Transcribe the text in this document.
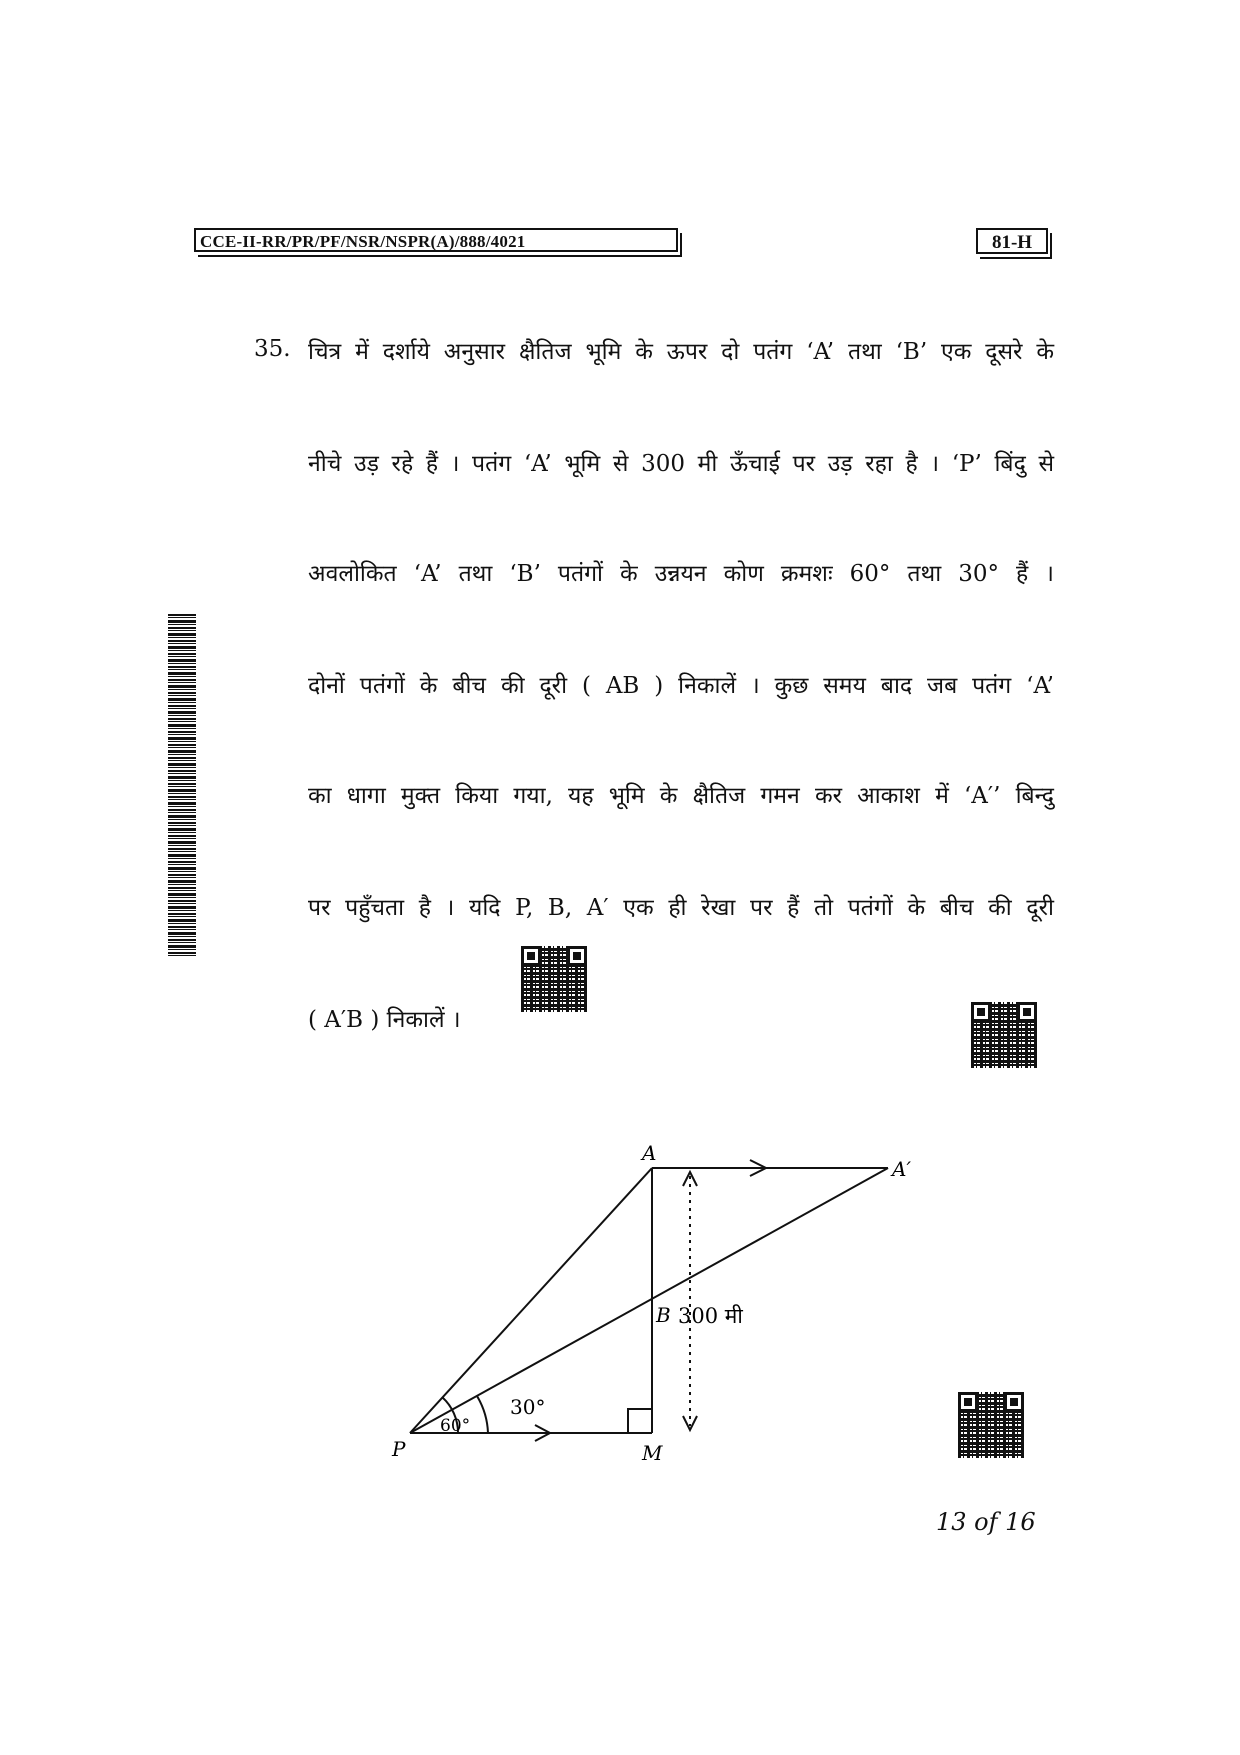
CCE-II-RR/PR/PF/NSR/NSPR(A)/888/4021	81-H
35. चित्र में दर्शाये अनुसार क्षैतिज भूमि के ऊपर दो पतंग ‘A’ तथा ‘B’ एक दूसरे के
नीचे उड़ रहे हैं । पतंग ‘A’ भूमि से 300 मी ऊँचाई पर उड़ रहा है । ‘P’ बिंदु से
अवलोकित ‘A’ तथा ‘B’ पतंगों के उन्नयन कोण क्रमशः 60° तथा 30° हैं ।
दोनों पतंगों के बीच की दूरी ( AB ) निकालें । कुछ समय बाद जब पतंग ‘A’
का धागा मुक्त किया गया, यह भूमि के क्षैतिज गमन कर आकाश में ‘A′’ बिन्दु
पर पहुँचता है । यदि P, B, A′ एक ही रेखा पर हैं तो पतंगों के बीच की दूरी
( A′B ) निकालें ।
A
A′
B 300 मी
P	M
60°
30°
13 of 16
